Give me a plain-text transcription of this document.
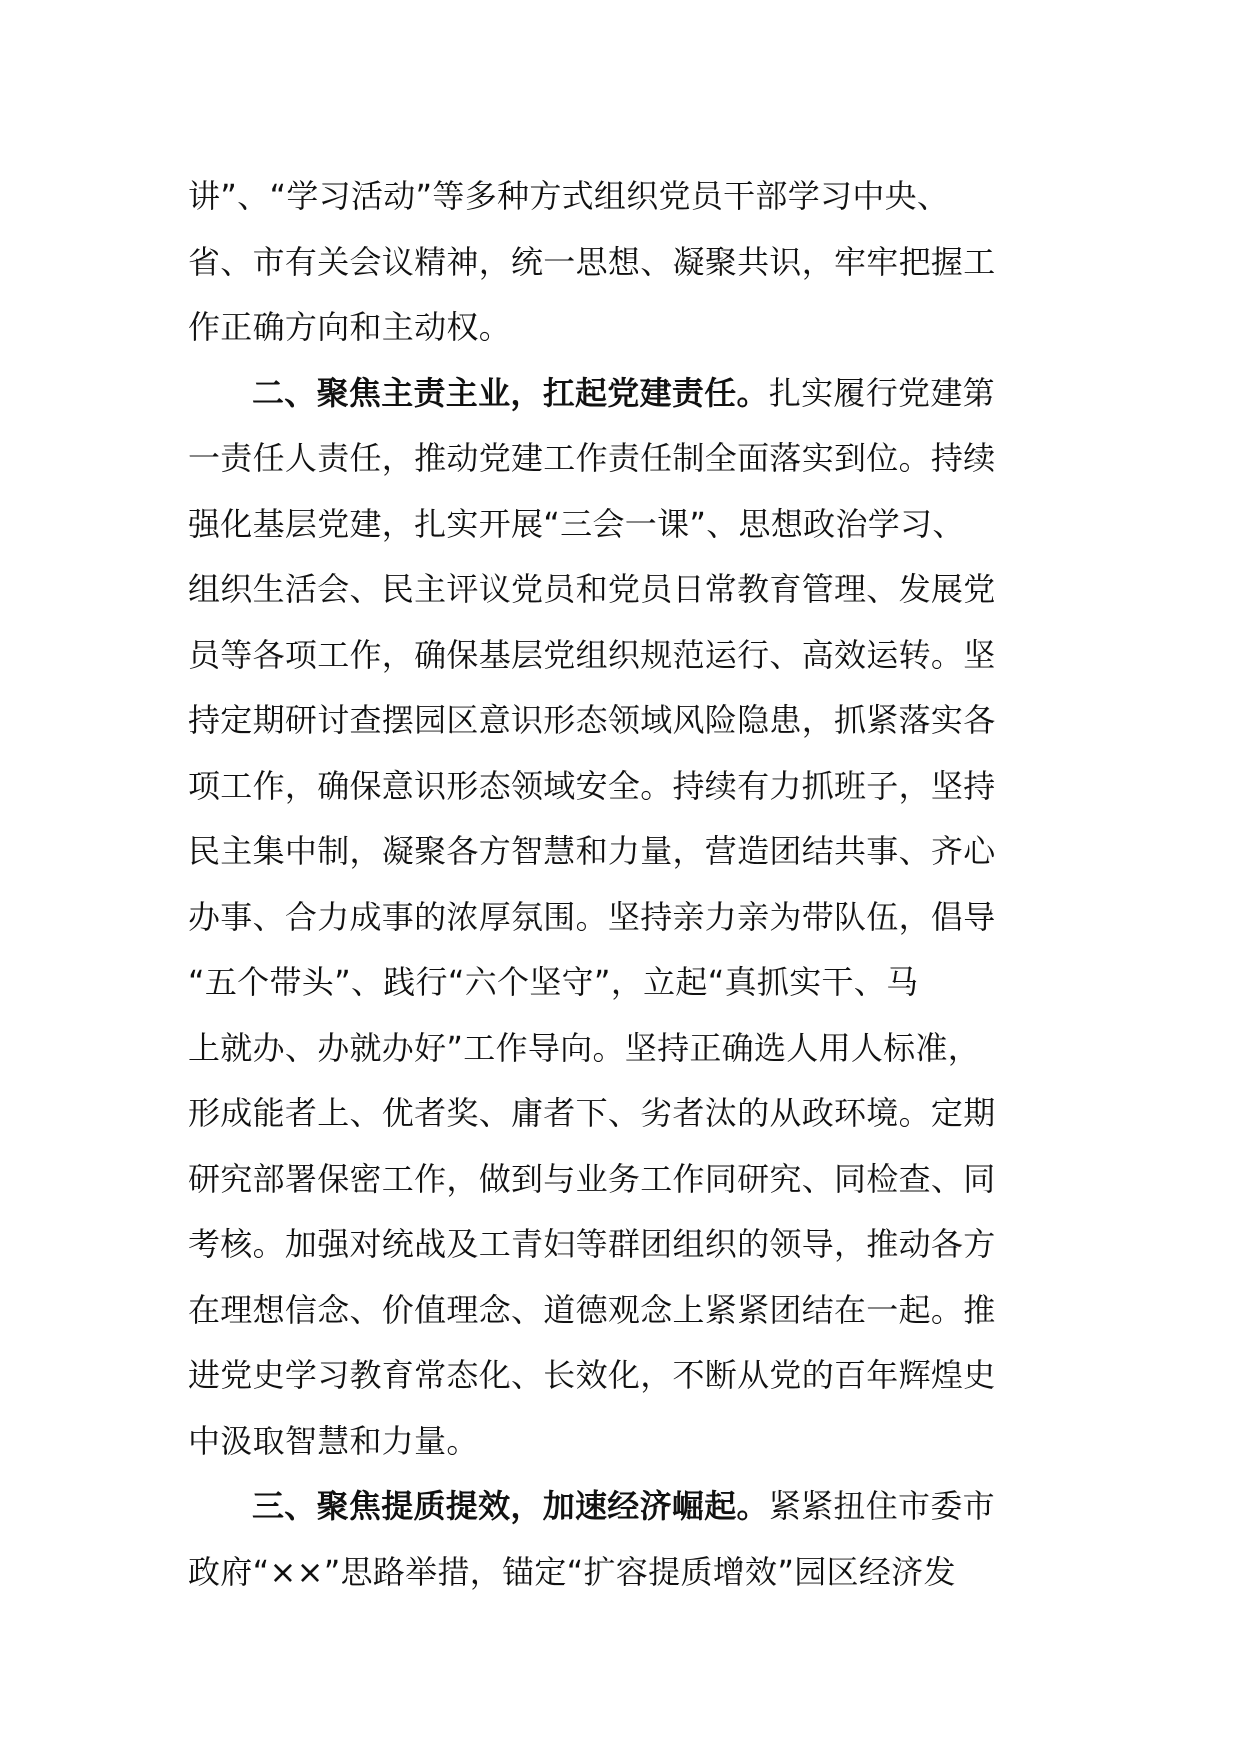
讲”、“学习活动”等多种方式组织党员干部学习中央、
省、市有关会议精神，统一思想、凝聚共识，牢牢把握工
作正确方向和主动权。
二、聚焦主责主业，扛起党建责任。扎实履行党建第
一责任人责任，推动党建工作责任制全面落实到位。持续
强化基层党建，扎实开展“三会一课”、思想政治学习、
组织生活会、民主评议党员和党员日常教育管理、发展党
员等各项工作，确保基层党组织规范运行、高效运转。坚
持定期研讨查摆园区意识形态领域风险隐患，抓紧落实各
项工作，确保意识形态领域安全。持续有力抓班子，坚持
民主集中制，凝聚各方智慧和力量，营造团结共事、齐心
办事、合力成事的浓厚氛围。坚持亲力亲为带队伍，倡导
“五个带头”、践行“六个坚守”，立起“真抓实干、马
上就办、办就办好”工作导向。坚持正确选人用人标准，
形成能者上、优者奖、庸者下、劣者汰的从政环境。定期
研究部署保密工作，做到与业务工作同研究、同检查、同
考核。加强对统战及工青妇等群团组织的领导，推动各方
在理想信念、价值理念、道德观念上紧紧团结在一起。推
进党史学习教育常态化、长效化，不断从党的百年辉煌史
中汲取智慧和力量。
三、聚焦提质提效，加速经济崛起。紧紧扭住市委市
政府“××”思路举措，锚定“扩容提质增效”园区经济发
